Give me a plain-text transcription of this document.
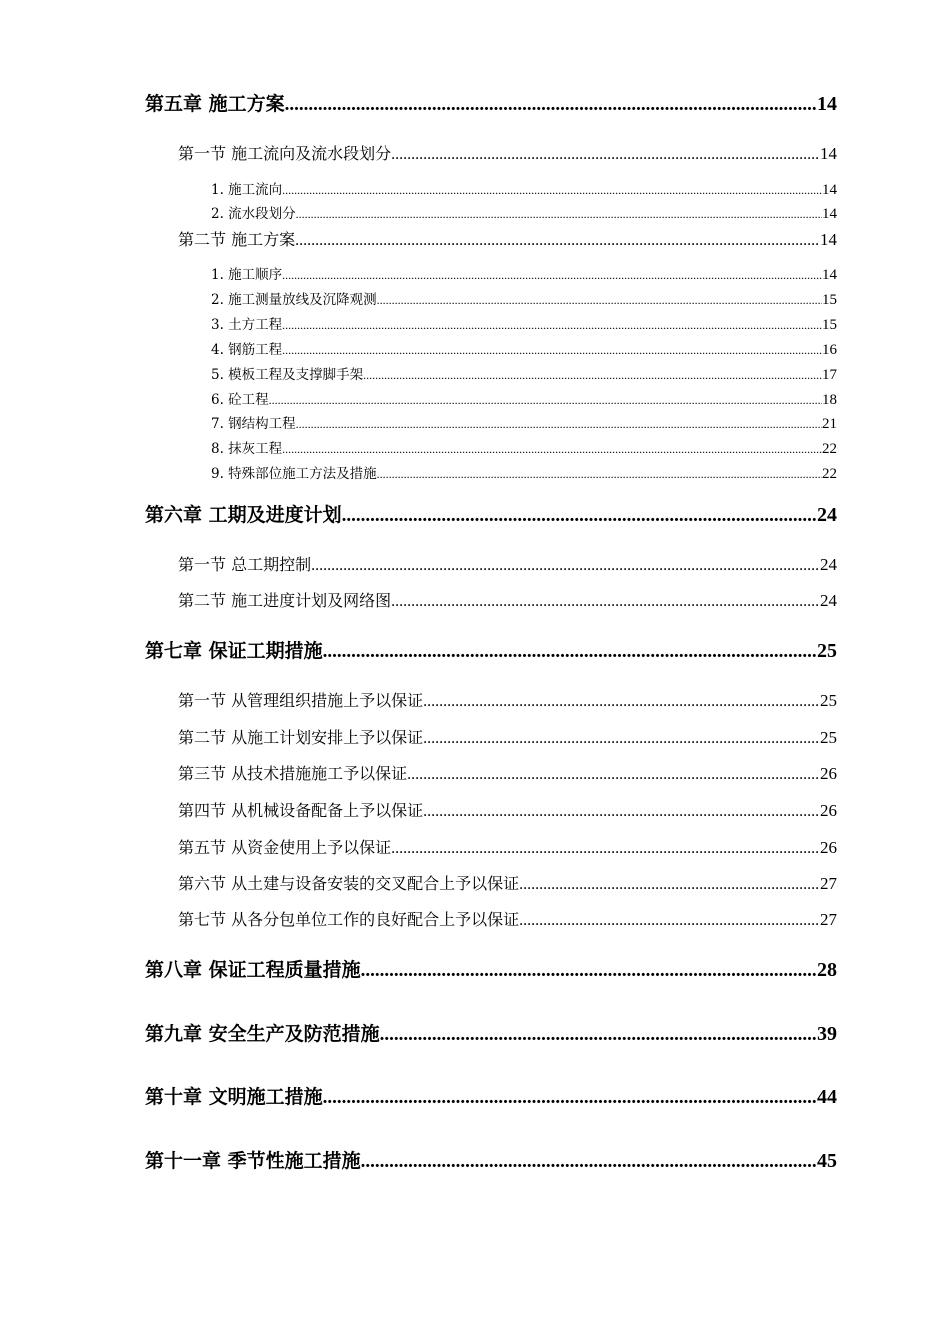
第五章 施工方案 .....	14
第一节 施工流向及流水段划分 .....	14
1. 施工流向 .....	14
2. 流水段划分 .....	14
第二节 施工方案 .....	14
1. 施工顺序 .....	14
2. 施工测量放线及沉降观测 .....	15
3. 土方工程 .....	15
4. 钢筋工程 .....	16
5. 模板工程及支撑脚手架 .....	17
6. 砼工程 .....	18
7. 钢结构工程 .....	21
8. 抹灰工程 .....	22
9. 特殊部位施工方法及措施 .....	22
第六章 工期及进度计划 .....	24
第一节 总工期控制 .....	24
第二节 施工进度计划及网络图 .....	24
第七章 保证工期措施 .....	25
第一节 从管理组织措施上予以保证 .....	25
第二节 从施工计划安排上予以保证 .....	25
第三节 从技术措施施工予以保证 .....	26
第四节 从机械设备配备上予以保证 .....	26
第五节 从资金使用上予以保证 .....	26
第六节 从土建与设备安装的交叉配合上予以保证 .....	27
第七节 从各分包单位工作的良好配合上予以保证 .....	27
第八章 保证工程质量措施 .....	28
第九章 安全生产及防范措施 .....	39
第十章 文明施工措施 .....	44
第十一章 季节性施工措施 .....	45
